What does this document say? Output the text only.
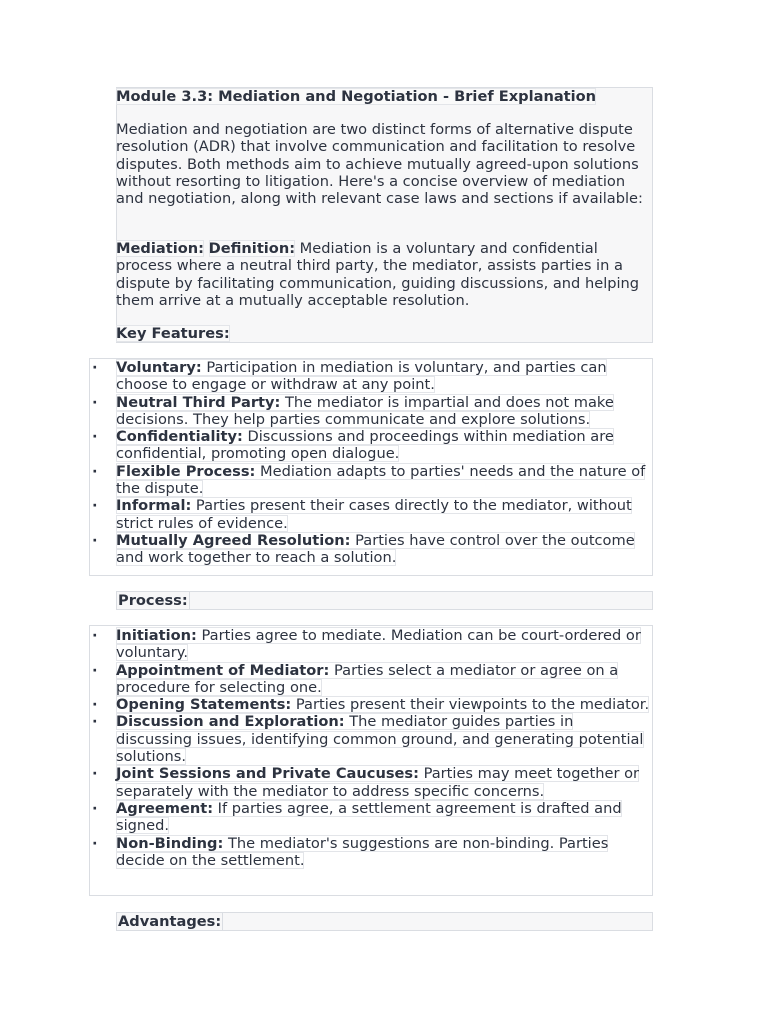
Module 3.3: Mediation and Negotiation - Brief Explanation

Mediation and negotiation are two distinct forms of alternative dispute resolution (ADR) that involve communication and facilitation to resolve disputes. Both methods aim to achieve mutually agreed-upon solutions without resorting to litigation. Here's a concise overview of mediation and negotiation, along with relevant case laws and sections if available:

Mediation: Definition: Mediation is a voluntary and confidential process where a neutral third party, the mediator, assists parties in a dispute by facilitating communication, guiding discussions, and helping them arrive at a mutually acceptable resolution.

Key Features:

· Voluntary: Participation in mediation is voluntary, and parties can choose to engage or withdraw at any point.
· Neutral Third Party: The mediator is impartial and does not make decisions. They help parties communicate and explore solutions.
· Confidentiality: Discussions and proceedings within mediation are confidential, promoting open dialogue.
· Flexible Process: Mediation adapts to parties' needs and the nature of the dispute.
· Informal: Parties present their cases directly to the mediator, without strict rules of evidence.
· Mutually Agreed Resolution: Parties have control over the outcome and work together to reach a solution.
Process:
· Initiation: Parties agree to mediate. Mediation can be court-ordered or voluntary.
· Appointment of Mediator: Parties select a mediator or agree on a procedure for selecting one.
· Opening Statements: Parties present their viewpoints to the mediator.
· Discussion and Exploration: The mediator guides parties in discussing issues, identifying common ground, and generating potential solutions.
· Joint Sessions and Private Caucuses: Parties may meet together or separately with the mediator to address specific concerns.
· Agreement: If parties agree, a settlement agreement is drafted and signed.
· Non-Binding: The mediator's suggestions are non-binding. Parties decide on the settlement.
Advantages:
